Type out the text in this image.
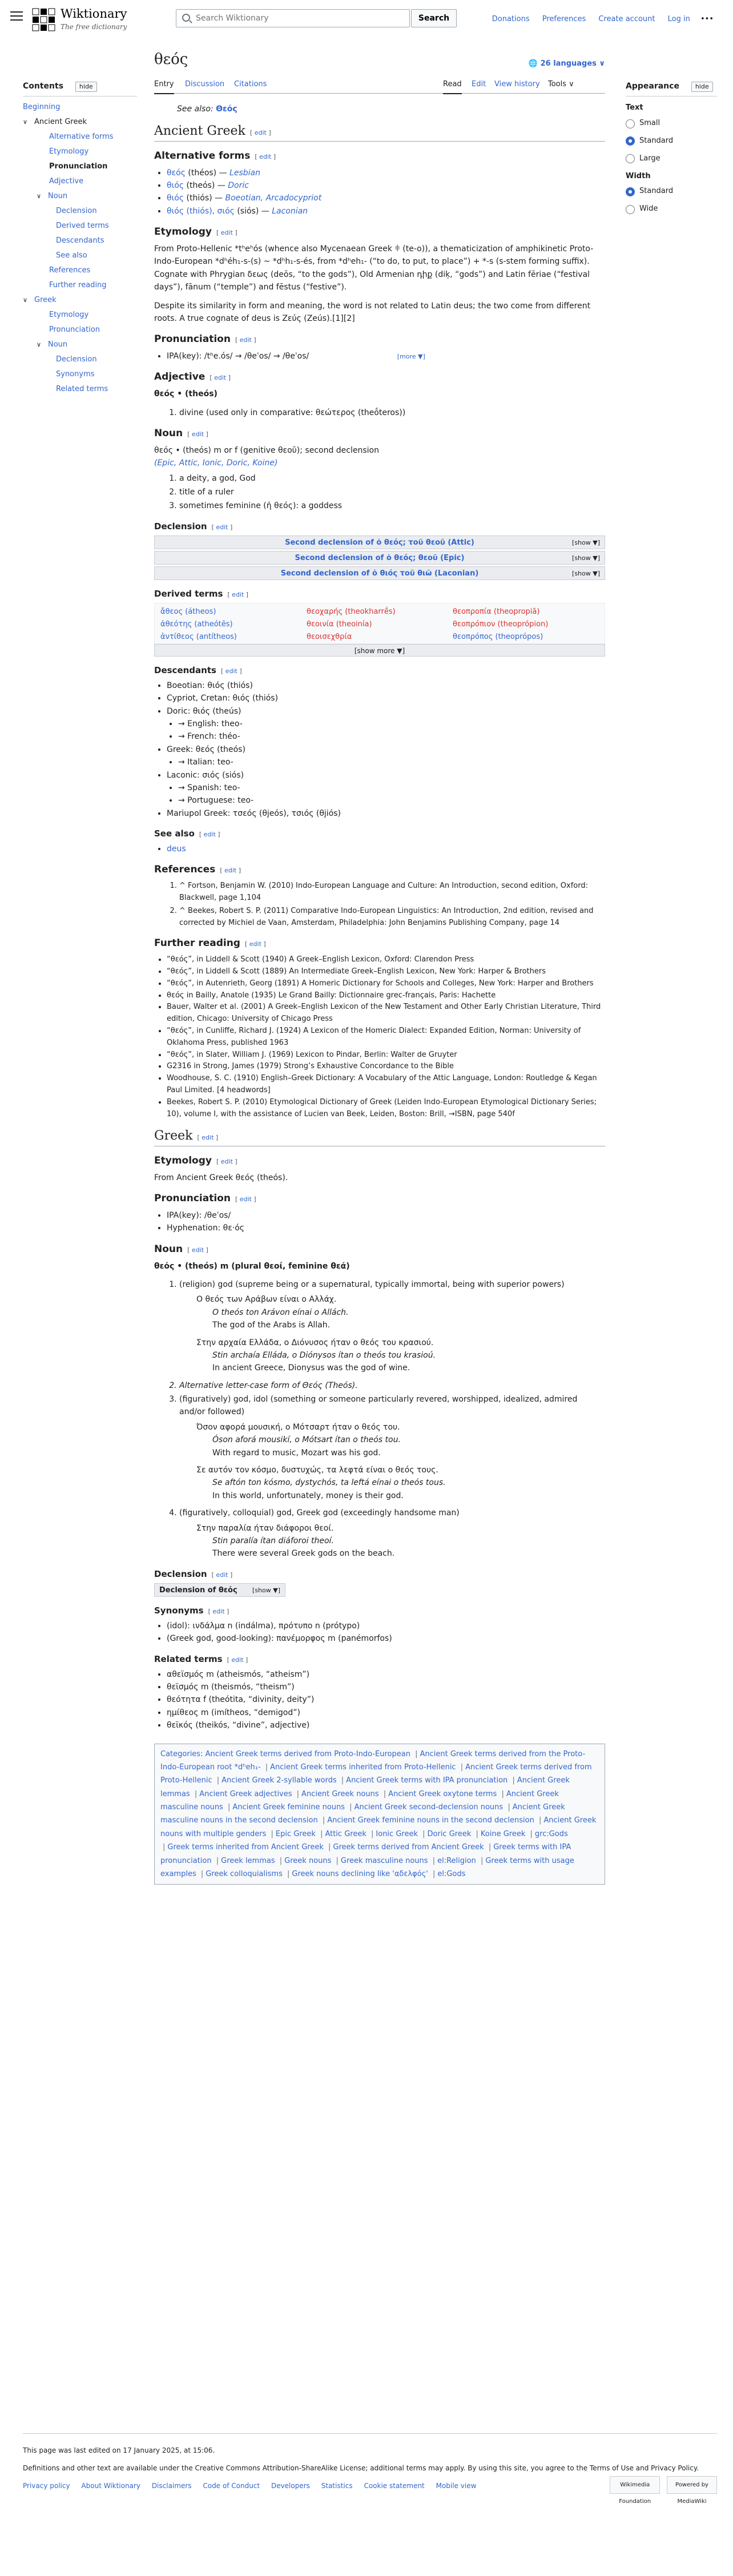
Wiktionary
The free dictionary
Search Wiktionary
Search	Donations Preferences Create account Log in •••
Contents	hide
Beginning
∨ Ancient Greek
Alternative forms
Etymology
Pronunciation
Adjective
∨ Noun
Declension
Derived terms
Descendants
See also
References
Further reading
∨ Greek
Etymology
Pronunciation
∨ Noun
Declension
Synonyms
Related terms
Appearance	hide
Text
Small
Standard
Large
Width
Standard
Wide
θεός	🌐 26 languages ∨
Entry Discussion Citations	Read Edit View history Tools ∨
See also: Θεός
Ancient Greek [ edit ]
Alternative forms [ edit ]
• θεός (théos) — Lesbian
• θιός (theós) — Doric
• θιός (thiós) — Boeotian, Arcadocypriot
• θιός (thiós), σιός (siós) — Laconian
Etymology [ edit ]

From Proto-Hellenic *tʰeʰós (whence also Mycenaean Greek 𐀳 (te-o)), a thematicization of amphikinetic Proto-Indo-European *dʰéh₁-s-(s) ~ *dʰh₁-s-és, from *dʰeh₁- (“to do, to put, to place”) + *-s (s-stem forming suffix). Cognate with Phrygian δεως (deōs, “to the gods”), Old Armenian դիք (diķ, “gods”) and Latin fēriae (“festival days”), fānum (“temple”) and fēstus (“festive”).

Despite its similarity in form and meaning, the word is not related to Latin deus; the two come from different roots. A true cognate of deus is Ζεύς (Zeús).[1][2]

Pronunciation [ edit ]
• IPA(key): /tʰe.ós/ → /θeˈos/ → /θeˈos/	[more ▼]
Adjective [ edit ]

θεóς • (theós)

1. divine (used only in comparative: θεώτερος (theṓteros))
Noun [ edit ]

θεός • (theós) m or f (genitive θεοῦ); second declension
(Epic, Attic, Ionic, Doric, Koine)

1. a deity, a god, God
2. title of a ruler
3. sometimes feminine (ἡ θεός): a goddess
Declension [ edit ]
Second declension of ὁ θεός; τοῦ θεοῦ (Attic)	[show ▼]
Second declension of ὁ θεός; θεοῦ (Epic)	[show ▼]
Second declension of ὁ θιóς τοῦ θιῶ (Laconian)	[show ▼]
Derived terms [ edit ]
ἄθεος (átheos)	θεοχαρής (theokharrḗs)	θεοπροπία (theopropiā)
ἀθεóτης (atheótēs)	θεοινία (theoinía)	θεοπρόπιον (theoprópion)
ἀντίθεος (antítheos)	θεοισεχθρία	θεοπρóπος (theoprópos)
[show more ▼]
Descendants [ edit ]
• Boeotian: θιóς (thiós)
• Cypriot, Cretan: θιóς (thiós)
• Doric: θιóς (theús)
• → English: theo-
• → French: théo-
• Greek: θεός (theós)
• → Italian: teo-
• Laconic: σιóς (siós)
• → Spanish: teo-
• → Portuguese: teo-
• Mariupol Greek: τσεóς (θjeós), τσιóς (θjiós)
See also [ edit ]
• deus
References [ edit ]
1. ^ Fortson, Benjamin W. (2010) Indo-European Language and Culture: An Introduction, second edition, Oxford: Blackwell, page 1,104
2. ^ Beekes, Robert S. P. (2011) Comparative Indo-European Linguistics: An Introduction, 2nd edition, revised and corrected by Michiel de Vaan, Amsterdam, Philadelphia: John Benjamins Publishing Company, page 14
Further reading [ edit ]
• “θεός”, in Liddell & Scott (1940) A Greek–English Lexicon, Oxford: Clarendon Press
• “θεός”, in Liddell & Scott (1889) An Intermediate Greek–English Lexicon, New York: Harper & Brothers
• “θεός”, in Autenrieth, Georg (1891) A Homeric Dictionary for Schools and Colleges, New York: Harper and Brothers
• θεός in Bailly, Anatole (1935) Le Grand Bailly: Dictionnaire grec-français, Paris: Hachette
• Bauer, Walter et al. (2001) A Greek–English Lexicon of the New Testament and Other Early Christian Literature, Third edition, Chicago: University of Chicago Press
• “θεός”, in Cunliffe, Richard J. (1924) A Lexicon of the Homeric Dialect: Expanded Edition, Norman: University of Oklahoma Press, published 1963
• “θεός”, in Slater, William J. (1969) Lexicon to Pindar, Berlin: Walter de Gruyter
• G2316 in Strong, James (1979) Strong’s Exhaustive Concordance to the Bible
• Woodhouse, S. C. (1910) English–Greek Dictionary: A Vocabulary of the Attic Language, London: Routledge & Kegan Paul Limited. [4 headwords]
• Beekes, Robert S. P. (2010) Etymological Dictionary of Greek (Leiden Indo-European Etymological Dictionary Series; 10), volume I, with the assistance of Lucien van Beek, Leiden, Boston: Brill, →ISBN, page 540f
Greek [ edit ]
Etymology [ edit ]

From Ancient Greek θεός (theós).

Pronunciation [ edit ]
• IPA(key): /θeˈos/
• Hyphenation: θε·ός
Noun [ edit ]

θεός • (theós) m (plural θεοί, feminine θεά)

1. (religion) god (supreme being or a supernatural, typically immortal, being with superior powers)
Ο θεός των Αράβων είναι ο Αλλάχ.
O theós ton Arávon eínai o Allách.
The god of the Arabs is Allah.
Στην αρχαία Ελλάδα, ο Διόνυσος ήταν ο θεός του κρασιού.
Stin archaía Elláda, o Diónysos ítan o theós tou krasioú.
In ancient Greece, Dionysus was the god of wine.
2. Alternative letter-case form of Θεός (Theós).
3. (figuratively) god, idol (something or someone particularly revered, worshipped, idealized, admired and/or followed)
Όσον αφορά μουσική, ο Μότσαρτ ήταν ο θεός του.
Óson aforá mousikí, o Mótsart ítan o theós tou.
With regard to music, Mozart was his god.
Σε αυτόν τον κόσμο, δυστυχώς, τα λεφτά είναι ο θεός τους.
Se aftón ton kósmo, dystychós, ta leftá eínai o theós tous.
In this world, unfortunately, money is their god.
4. (figuratively, colloquial) god, Greek god (exceedingly handsome man)
Στην παραλία ήταν διάφοροι θεοί.
Stin paralía ítan diáforoi theoí.
There were several Greek gods on the beach.
Declension [ edit ]
Declension of θεός [show ▼]
Synonyms [ edit ]
• (idol): ινδάλμα n (indálma), πρότυπο n (prótypo)
• (Greek god, good-looking): πανέμορφος m (panémorfos)
Related terms [ edit ]
• αθεϊσμός m (atheismós, “atheism”)
• θεϊσμός m (theismós, “theism”)
• θεότητα f (theótita, “divinity, deity”)
• ημίθεος m (imítheos, “demigod”)
• θεϊκός (theikós, “divine”, adjective)
Categories: Ancient Greek terms derived from Proto-Indo-European | Ancient Greek terms derived from the Proto-Indo-European root *dʰeh₁- | Ancient Greek terms inherited from Proto-Hellenic | Ancient Greek terms derived from Proto-Hellenic | Ancient Greek 2-syllable words | Ancient Greek terms with IPA pronunciation | Ancient Greek lemmas | Ancient Greek adjectives | Ancient Greek nouns | Ancient Greek oxytone terms | Ancient Greek masculine nouns | Ancient Greek feminine nouns | Ancient Greek second-declension nouns | Ancient Greek masculine nouns in the second declension | Ancient Greek feminine nouns in the second declension | Ancient Greek nouns with multiple genders | Epic Greek | Attic Greek | Ionic Greek | Doric Greek | Koine Greek | grc:Gods | Greek terms inherited from Ancient Greek | Greek terms derived from Ancient Greek | Greek terms with IPA pronunciation | Greek lemmas | Greek nouns | Greek masculine nouns | el:Religion | Greek terms with usage examples | Greek colloquialisms | Greek nouns declining like 'αδελφός' | el:Gods
This page was last edited on 17 January 2025, at 15:06.
Definitions and other text are available under the Creative Commons Attribution-ShareAlike License; additional terms may apply. By using this site, you agree to the Terms of Use and Privacy Policy.
Privacy policy About Wiktionary Disclaimers Code of Conduct Developers Statistics Cookie statement Mobile view	Wikimedia Foundation Powered by MediaWiki
